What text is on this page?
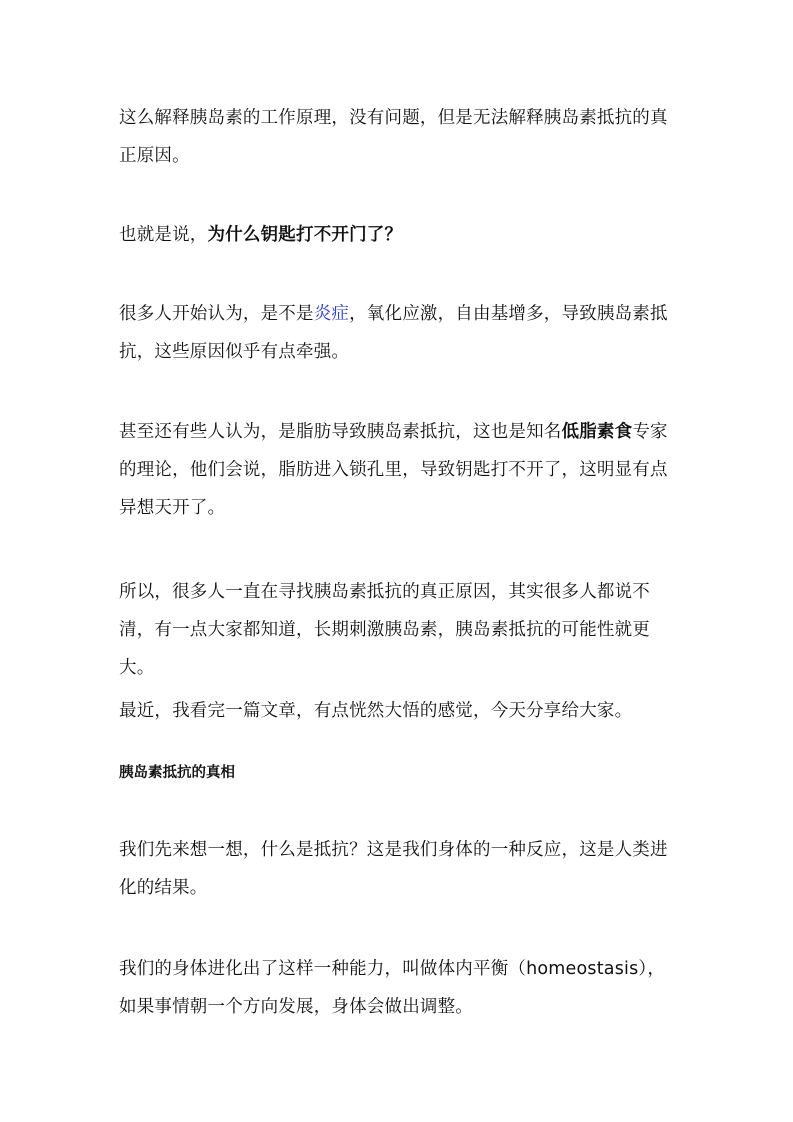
这么解释胰岛素的工作原理，没有问题，但是无法解释胰岛素抵抗的真正原因。

也就是说，为什么钥匙打不开门了？

很多人开始认为，是不是炎症，氧化应激，自由基增多，导致胰岛素抵抗，这些原因似乎有点牵强。

甚至还有些人认为，是脂肪导致胰岛素抵抗，这也是知名低脂素食专家的理论，他们会说，脂肪进入锁孔里，导致钥匙打不开了，这明显有点异想天开了。

所以，很多人一直在寻找胰岛素抵抗的真正原因，其实很多人都说不清，有一点大家都知道，长期刺激胰岛素，胰岛素抵抗的可能性就更大。

最近，我看完一篇文章，有点恍然大悟的感觉，今天分享给大家。

胰岛素抵抗的真相

我们先来想一想，什么是抵抗？这是我们身体的一种反应，这是人类进化的结果。

我们的身体进化出了这样一种能力，叫做体内平衡（homeostasis），如果事情朝一个方向发展，身体会做出调整。
